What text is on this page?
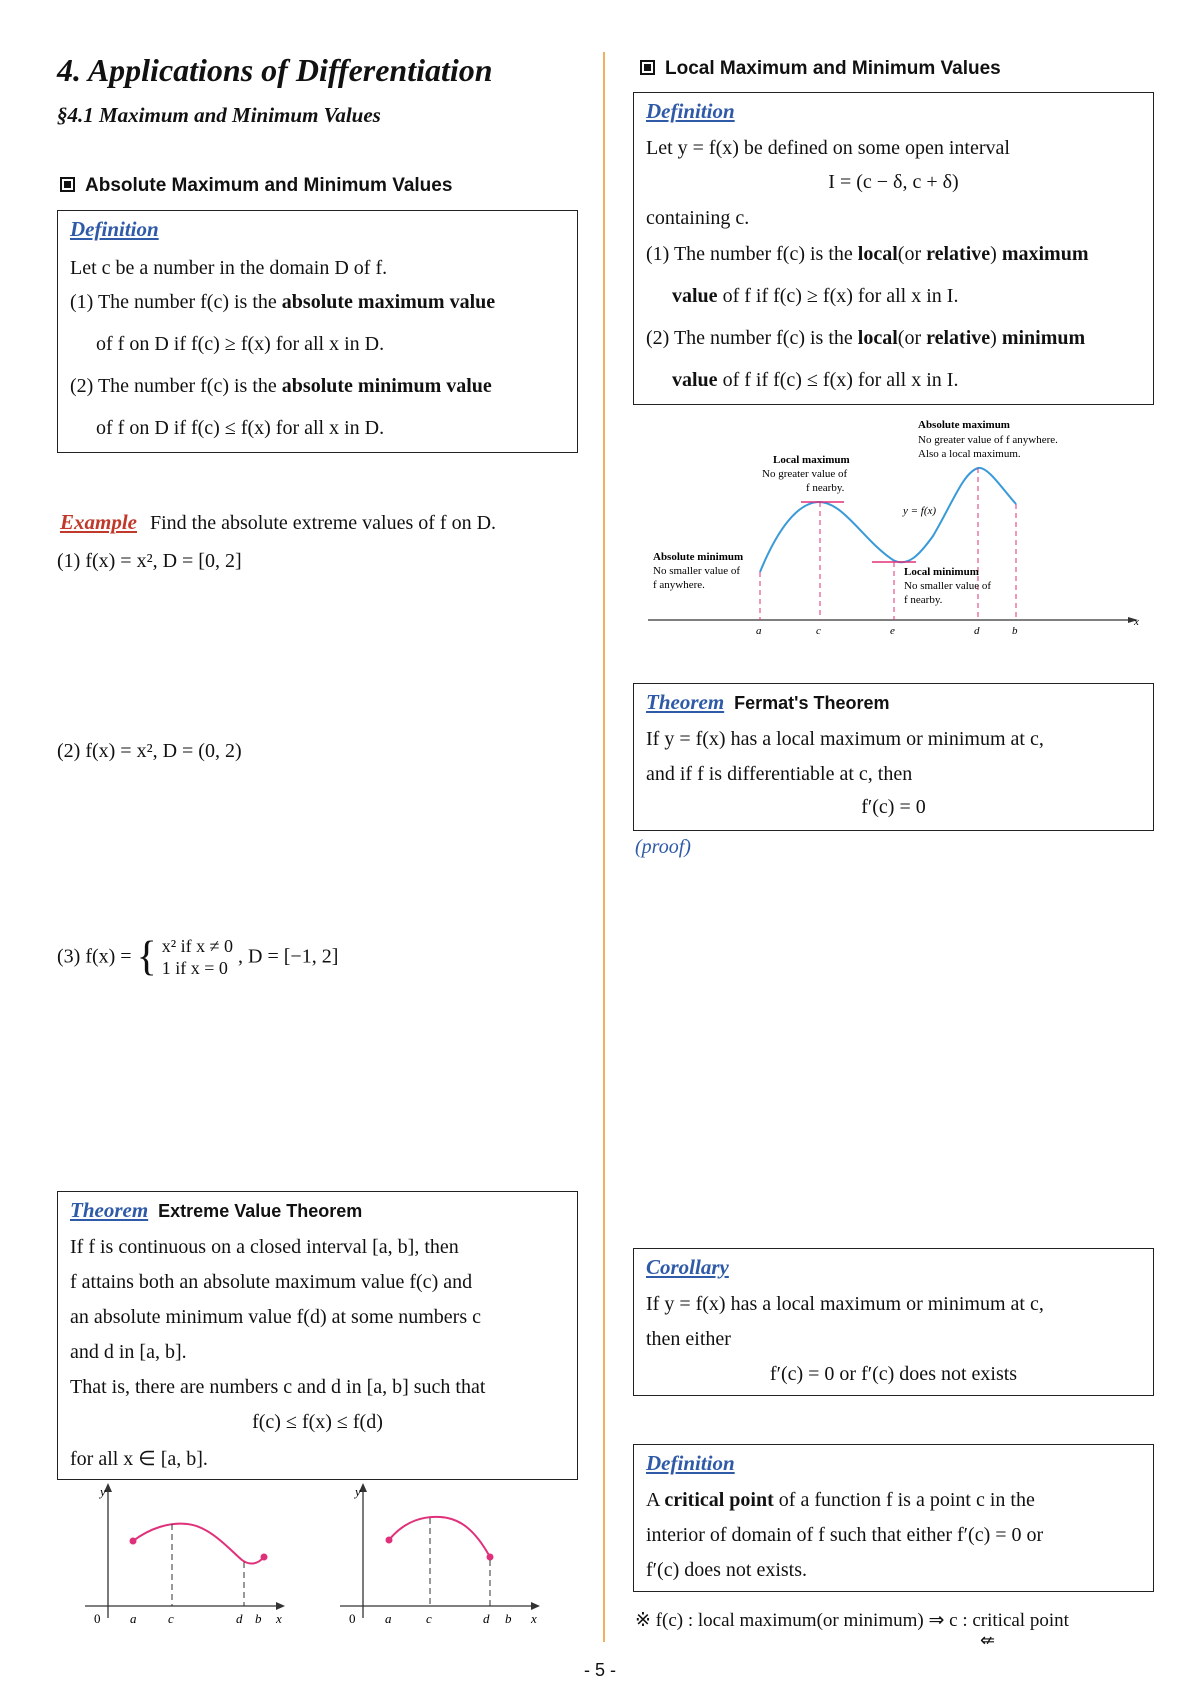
4. Applications of Differentiation
§4.1 Maximum and Minimum Values
Absolute Maximum and Minimum Values
Definition
Let c be a number in the domain D of f.
(1) The number f(c) is the absolute maximum value
of f on D if f(c) ≥ f(x) for all x in D.
(2) The number f(c) is the absolute minimum value
of f on D if f(c) ≤ f(x) for all x in D.
Example Find the absolute extreme values of f on D.
(1) f(x) = x², D = [0, 2]
(2) f(x) = x², D = (0, 2)
(3) f(x) = { x² if x ≠ 0
1 if x = 0
, D = [−1, 2]
Theorem Extreme Value Theorem
If f is continuous on a closed interval [a, b], then
f attains both an absolute maximum value f(c) and
an absolute minimum value f(d) at some numbers c
and d in [a, b].
That is, there are numbers c and d in [a, b] such that
f(c) ≤ f(x) ≤ f(d)
for all x ∈ [a, b].
y
0 a c	d b x
y
0 a	c	d b x
Local Maximum and Minimum Values
Definition
Let y = f(x) be defined on some open interval
I = (c − δ, c + δ)
containing c.
(1) The number f(c) is the local(or relative) maximum
value of f if f(c) ≥ f(x) for all x in I.
(2) The number f(c) is the local(or relative) minimum
value of f if f(c) ≤ f(x) for all x in I.
Absolute maximum
No greater value of f anywhere.
Also a local maximum.
Local maximum
No greater value of
f nearby.
y = f(x)
Absolute minimum
No smaller value of
f anywhere.
Local minimum
No smaller value of
f nearby.
a	c	e	d	b
x
Theorem Fermat's Theorem
If y = f(x) has a local maximum or minimum at c,
and if f is differentiable at c, then
f′(c) = 0
(proof)
Corollary
If y = f(x) has a local maximum or minimum at c,
then either
f′(c) = 0 or f′(c) does not exists
Definition
A critical point of a function f is a point c in the
interior of domain of f such that either f′(c) = 0 or
f′(c) does not exists.
※ f(c) : local maximum(or minimum) ⇒ c : critical point
⇍
- 5 -
